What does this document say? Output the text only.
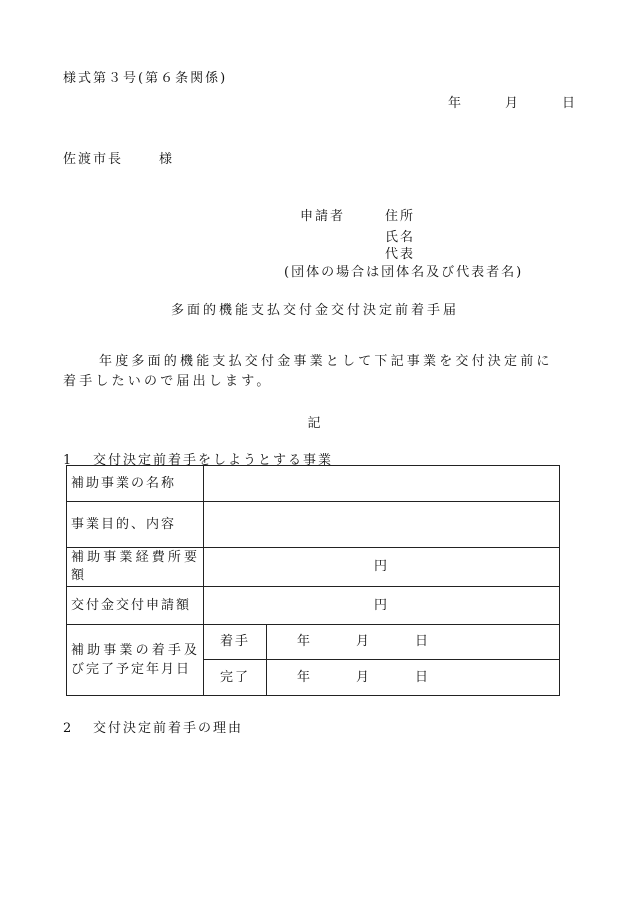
様式第３号(第６条関係)
年	月	日
佐渡市長	様
申請者	住所
氏名
代表
(団体の場合は団体名及び代表者名)
多面的機能支払交付金交付決定前着手届
年度多面的機能支払交付金事業として下記事業を交付決定前に着手したいので届出します。
記
1 交付決定前着手をしようとする事業
補助事業の名称		
事業目的、内容		
補助事業経費所要額	円	
交付金交付申請額	円	
補助事業の着手及び完了予定年月日	着手	年 月 日
	完了	年 月 日
2 交付決定前着手の理由
